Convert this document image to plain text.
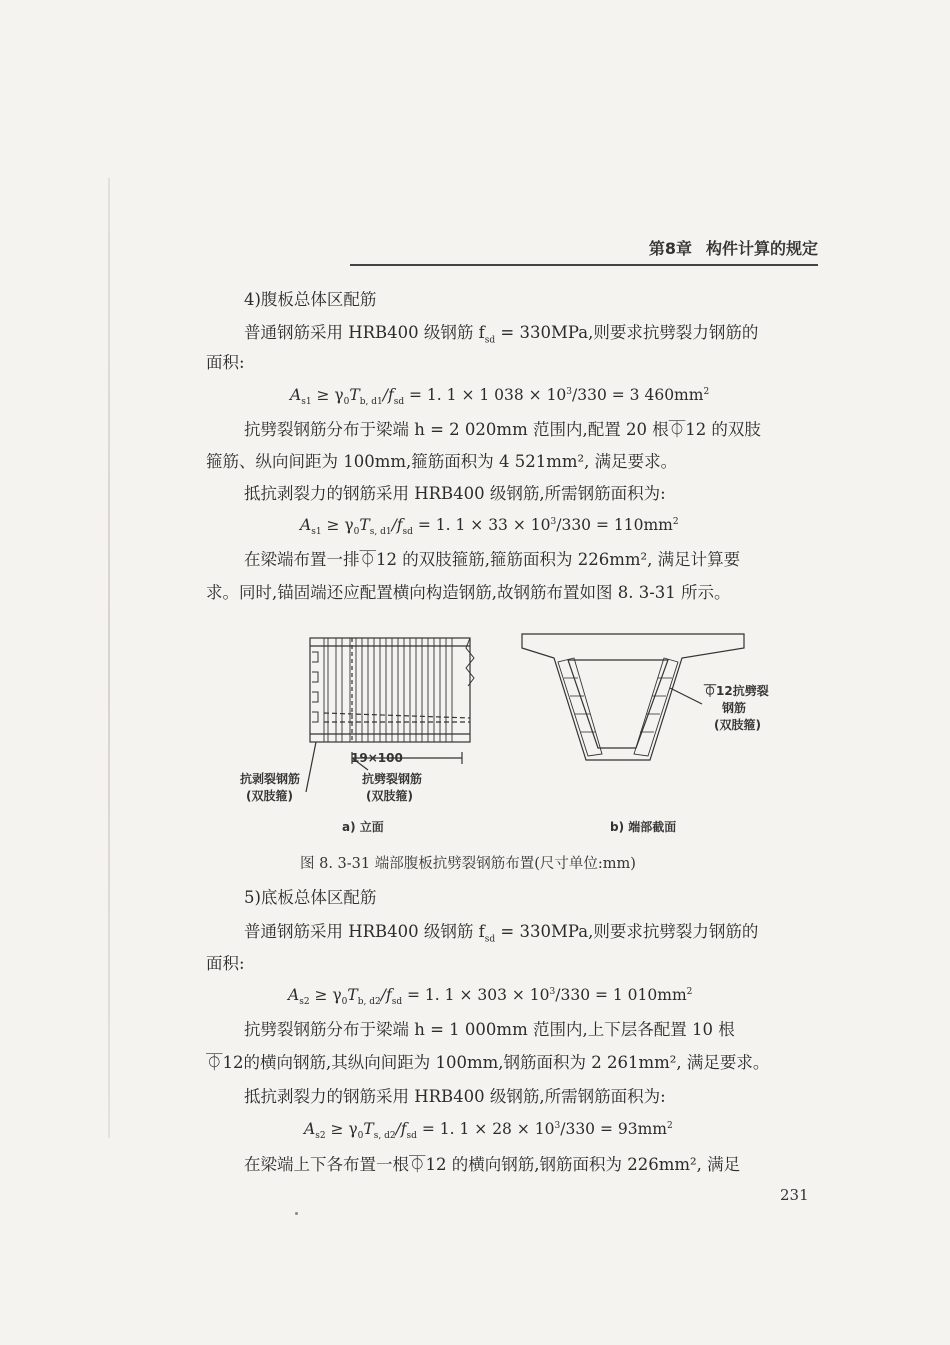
第8章 构件计算的规定
4)腹板总体区配筋
普通钢筋采用 HRB400 级钢筋 $f_{sd} = 330MPa$,则要求抗劈裂力钢筋的
面积:
$A_{s1} \ge \gamma_0T_{b, d1}/f_{sd} = 1$. 1 × 1 $038 \times 10^3/330 = 3$ $460mm^2$
抗劈裂钢筋分布于梁端 h = 2 020mm 范围内,配置 20 根⏁12 的双肢
箍筋、纵向间距为 100mm,箍筋面积为 4 521mm², 满足要求。
抵抗剥裂力的钢筋采用 HRB400 级钢筋,所需钢筋面积为:
$A_{s1} \ge \gamma_0T_{s, d1}/f_{sd} = 1$. $1 \times 33 \times 10^3/330 = 110mm^2$
在梁端布置一排⏁12 的双肢箍筋,箍筋面积为 226mm², 满足计算要
求。同时,锚固端还应配置横向构造钢筋,故钢筋布置如图 8. 3-31 所示。
19×100
抗剥裂钢筋
(双肢箍)
抗劈裂钢筋
(双肢箍)
⏁12抗劈裂
钢筋
(双肢箍)
a) 立面	b) 端部截面
图 8. 3-31 端部腹板抗劈裂钢筋布置(尺寸单位:mm)
5)底板总体区配筋
普通钢筋采用 HRB400 级钢筋 $f_{sd} = 330MPa$,则要求抗劈裂力钢筋的
面积:
$A_{s2} \ge \gamma_0T_{b, d2}/f_{sd} = 1$. $1 \times 303 \times 10^3/330 = 1$ $010mm^2$
抗劈裂钢筋分布于梁端 h = 1 000mm 范围内,上下层各配置 10 根
⏁12的横向钢筋,其纵向间距为 100mm,钢筋面积为 2 261mm², 满足要求。
抵抗剥裂力的钢筋采用 HRB400 级钢筋,所需钢筋面积为:
$A_{s2} \ge \gamma_0T_{s, d2}/f_{sd} = 1$. $1 \times 28 \times 10^3/330 = 93mm^2$
在梁端上下各布置一根⏁12 的横向钢筋,钢筋面积为 226mm², 满足
231
